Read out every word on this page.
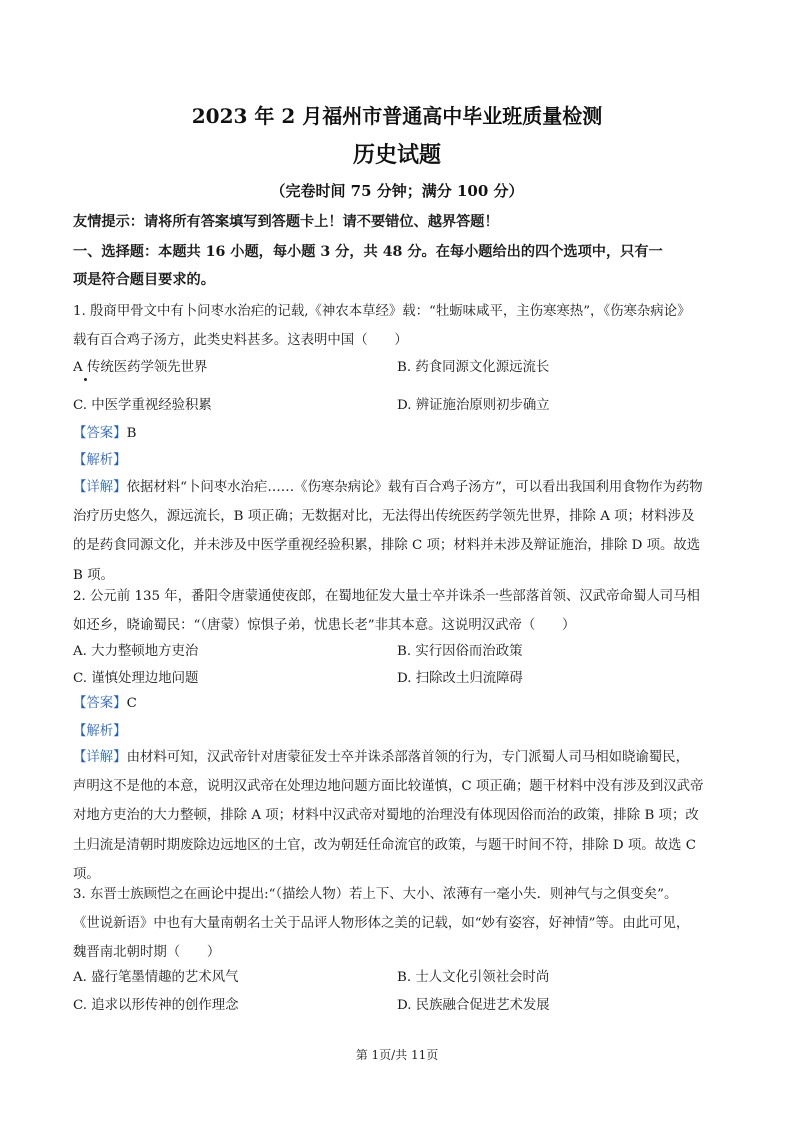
2023 年 2 月福州市普通高中毕业班质量检测
历史试题
（完卷时间 75 分钟；满分 100 分）
友情提示：请将所有答案填写到答题卡上！请不要错位、越界答题！
一、选择题：本题共 16 小题，每小题 3 分，共 48 分。在每小题给出的四个选项中，只有一
项是符合题目要求的。
1. 殷商甲骨文中有卜问枣水治疟的记载,《神农本草经》载：“牡蛎味咸平，主伤寒寒热”，《伤寒杂病论》
载有百合鸡子汤方，此类史料甚多。这表明中国（　　）
A 传统医药学领先世界	B. 药食同源文化源远流长
C. 中医学重视经验积累	D. 辨证施治原则初步确立
【答案】B
【解析】
【详解】依据材料“卜问枣水治疟……《伤寒杂病论》载有百合鸡子汤方”，可以看出我国利用食物作为药物
治疗历史悠久，源远流长，B 项正确；无数据对比，无法得出传统医药学领先世界，排除 A 项；材料涉及
的是药食同源文化，并未涉及中医学重视经验积累，排除 C 项；材料并未涉及辩证施治，排除 D 项。故选
B 项。
2. 公元前 135 年，番阳令唐蒙通使夜郎，在蜀地征发大量士卒并诛杀一些部落首领、汉武帝命蜀人司马相
如还乡，晓谕蜀民：“（唐蒙）惊惧子弟，忧患长老”非其本意。这说明汉武帝（　　）
A. 大力整顿地方吏治	B. 实行因俗而治政策
C. 谨慎处理边地问题	D. 扫除改土归流障碍
【答案】C
【解析】
【详解】由材料可知，汉武帝针对唐蒙征发士卒并诛杀部落首领的行为，专门派蜀人司马相如晓谕蜀民，
声明这不是他的本意，说明汉武帝在处理边地问题方面比较谨慎，C 项正确；题干材料中没有涉及到汉武帝
对地方吏治的大力整顿，排除 A 项；材料中汉武帝对蜀地的治理没有体现因俗而治的政策，排除 B 项；改
土归流是清朝时期废除边远地区的土官，改为朝廷任命流官的政策，与题干时间不符，排除 D 项。故选 C
项。
3. 东晋士族顾恺之在画论中提出:“（描绘人物）若上下、大小、浓薄有一毫小失．则神气与之俱变矣”。
《世说新语》中也有大量南朝名士关于品评人物形体之美的记载，如“妙有姿容，好神情”等。由此可见，
魏晋南北朝时期（　　）
A. 盛行笔墨情趣的艺术风气	B. 士人文化引领社会时尚
C. 追求以形传神的创作理念	D. 民族融合促进艺术发展
第 1页/共 11页
